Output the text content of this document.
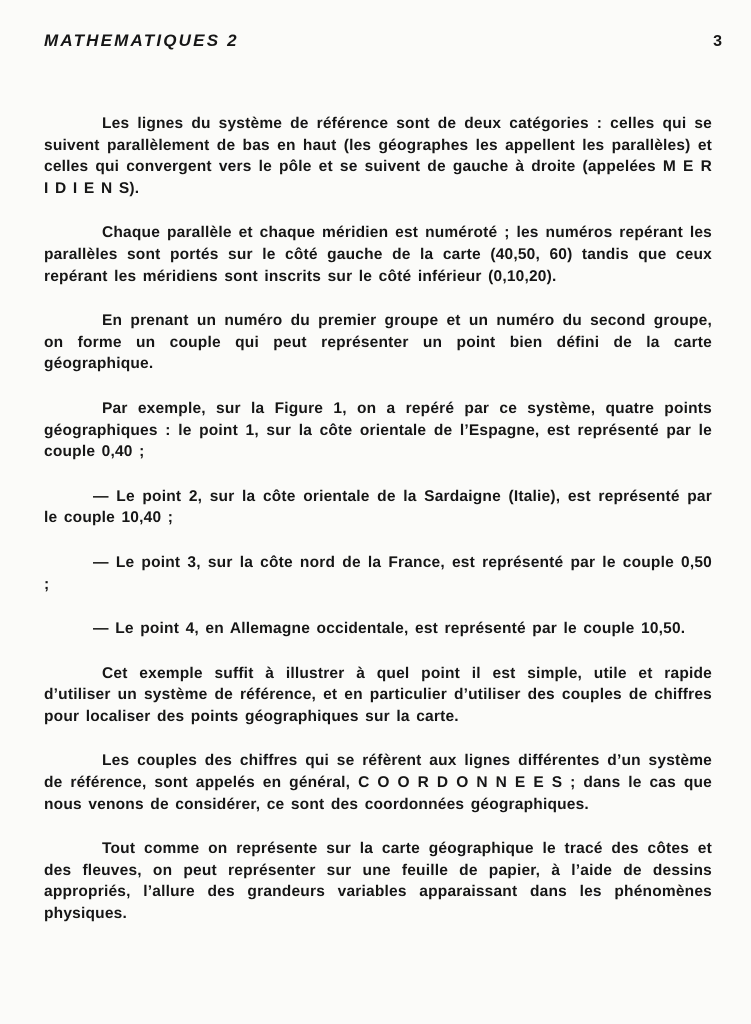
MATHEMATIQUES 2	3

Les lignes du système de référence sont de deux catégories : celles qui se suivent parallèlement de bas en haut (les géographes les appellent les parallèles) et celles qui convergent vers le pôle et se suivent de gauche à droite (appelées M E R I D I E N S).

Chaque parallèle et chaque méridien est numéroté ; les numéros repérant les parallèles sont portés sur le côté gauche de la carte (40,50, 60) tandis que ceux repérant les méridiens sont inscrits sur le côté inférieur (0,10,20).

En prenant un numéro du premier groupe et un numéro du second groupe, on forme un couple qui peut représenter un point bien défini de la carte géographique.

Par exemple, sur la Figure 1, on a repéré par ce système, quatre points géographiques : le point 1, sur la côte orientale de l’Espagne, est représenté par le couple 0,40 ;

— Le point 2, sur la côte orientale de la Sardaigne (Italie), est représenté par le couple 10,40 ;

— Le point 3, sur la côte nord de la France, est représenté par le couple 0,50 ;

— Le point 4, en Allemagne occidentale, est représenté par le couple 10,50.

Cet exemple suffit à illustrer à quel point il est simple, utile et rapide d’utiliser un système de référence, et en particulier d’utiliser des couples de chiffres pour localiser des points géographiques sur la carte.

Les couples des chiffres qui se réfèrent aux lignes différentes d’un système de référence, sont appelés en général, C O O R D O N N E E S ; dans le cas que nous venons de considérer, ce sont des coordonnées géographiques.

Tout comme on représente sur la carte géographique le tracé des côtes et des fleuves, on peut représenter sur une feuille de papier, à l’aide de dessins appropriés, l’allure des grandeurs variables apparaissant dans les phénomènes physiques.
